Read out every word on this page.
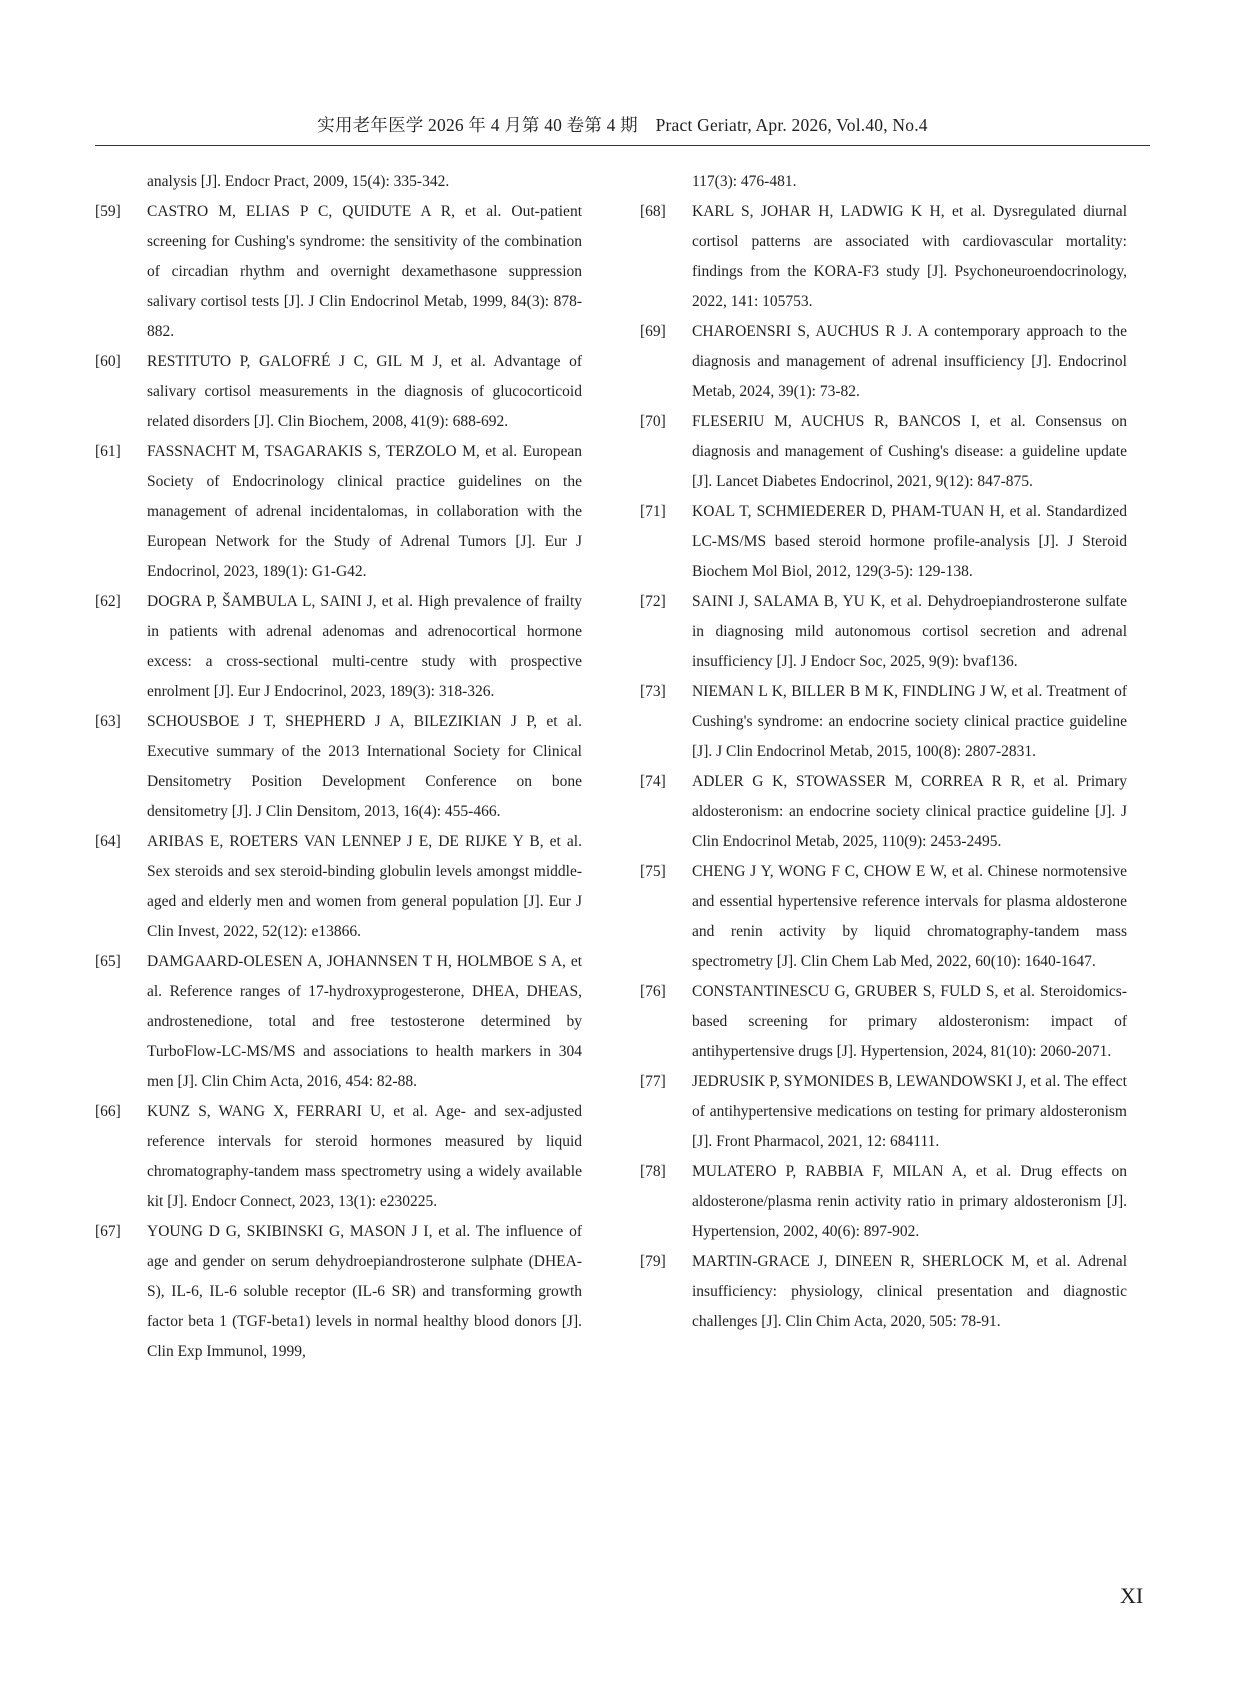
实用老年医学 2026 年 4 月第 40 卷第 4 期　Pract Geriatr, Apr. 2026, Vol.40, No.4
analysis [J]. Endocr Pract, 2009, 15(4): 335-342.
[59] CASTRO M, ELIAS P C, QUIDUTE A R, et al. Out-patient screening for Cushing's syndrome: the sensitivity of the combination of circadian rhythm and overnight dexamethasone suppression salivary cortisol tests [J]. J Clin Endocrinol Metab, 1999, 84(3): 878-882.
[60] RESTITUTO P, GALOFRÉ J C, GIL M J, et al. Advantage of salivary cortisol measurements in the diagnosis of glucocorticoid related disorders [J]. Clin Biochem, 2008, 41(9): 688-692.
[61] FASSNACHT M, TSAGARAKIS S, TERZOLO M, et al. European Society of Endocrinology clinical practice guidelines on the management of adrenal incidentalomas, in collaboration with the European Network for the Study of Adrenal Tumors [J]. Eur J Endocrinol, 2023, 189(1): G1-G42.
[62] DOGRA P, ŠAMBULA L, SAINI J, et al. High prevalence of frailty in patients with adrenal adenomas and adrenocortical hormone excess: a cross-sectional multi-centre study with prospective enrolment [J]. Eur J Endocrinol, 2023, 189(3): 318-326.
[63] SCHOUSBOE J T, SHEPHERD J A, BILEZIKIAN J P, et al. Executive summary of the 2013 International Society for Clinical Densitometry Position Development Conference on bone densitometry [J]. J Clin Densitom, 2013, 16(4): 455-466.
[64] ARIBAS E, ROETERS VAN LENNEP J E, DE RIJKE Y B, et al. Sex steroids and sex steroid-binding globulin levels amongst middle-aged and elderly men and women from general population [J]. Eur J Clin Invest, 2022, 52(12): e13866.
[65] DAMGAARD-OLESEN A, JOHANNSEN T H, HOLMBOE S A, et al. Reference ranges of 17-hydroxyprogesterone, DHEA, DHEAS, androstenedione, total and free testosterone determined by TurboFlow-LC-MS/MS and associations to health markers in 304 men [J]. Clin Chim Acta, 2016, 454: 82-88.
[66] KUNZ S, WANG X, FERRARI U, et al. Age- and sex-adjusted reference intervals for steroid hormones measured by liquid chromatography-tandem mass spectrometry using a widely available kit [J]. Endocr Connect, 2023, 13(1): e230225.
[67] YOUNG D G, SKIBINSKI G, MASON J I, et al. The influence of age and gender on serum dehydroepiandrosterone sulphate (DHEA-S), IL-6, IL-6 soluble receptor (IL-6 SR) and transforming growth factor beta 1 (TGF-beta1) levels in normal healthy blood donors [J]. Clin Exp Immunol, 1999,
117(3): 476-481.
[68] KARL S, JOHAR H, LADWIG K H, et al. Dysregulated diurnal cortisol patterns are associated with cardiovascular mortality: findings from the KORA-F3 study [J]. Psychoneuroendocrinology, 2022, 141: 105753.
[69] CHAROENSRI S, AUCHUS R J. A contemporary approach to the diagnosis and management of adrenal insufficiency [J]. Endocrinol Metab, 2024, 39(1): 73-82.
[70] FLESERIU M, AUCHUS R, BANCOS I, et al. Consensus on diagnosis and management of Cushing's disease: a guideline update [J]. Lancet Diabetes Endocrinol, 2021, 9(12): 847-875.
[71] KOAL T, SCHMIEDERER D, PHAM-TUAN H, et al. Standardized LC-MS/MS based steroid hormone profile-analysis [J]. J Steroid Biochem Mol Biol, 2012, 129(3-5): 129-138.
[72] SAINI J, SALAMA B, YU K, et al. Dehydroepiandrosterone sulfate in diagnosing mild autonomous cortisol secretion and adrenal insufficiency [J]. J Endocr Soc, 2025, 9(9): bvaf136.
[73] NIEMAN L K, BILLER B M K, FINDLING J W, et al. Treatment of Cushing's syndrome: an endocrine society clinical practice guideline [J]. J Clin Endocrinol Metab, 2015, 100(8): 2807-2831.
[74] ADLER G K, STOWASSER M, CORREA R R, et al. Primary aldosteronism: an endocrine society clinical practice guideline [J]. J Clin Endocrinol Metab, 2025, 110(9): 2453-2495.
[75] CHENG J Y, WONG F C, CHOW E W, et al. Chinese normotensive and essential hypertensive reference intervals for plasma aldosterone and renin activity by liquid chromatography-tandem mass spectrometry [J]. Clin Chem Lab Med, 2022, 60(10): 1640-1647.
[76] CONSTANTINESCU G, GRUBER S, FULD S, et al. Steroidomics-based screening for primary aldosteronism: impact of antihypertensive drugs [J]. Hypertension, 2024, 81(10): 2060-2071.
[77] JEDRUSIK P, SYMONIDES B, LEWANDOWSKI J, et al. The effect of antihypertensive medications on testing for primary aldosteronism [J]. Front Pharmacol, 2021, 12: 684111.
[78] MULATERO P, RABBIA F, MILAN A, et al. Drug effects on aldosterone/plasma renin activity ratio in primary aldosteronism [J]. Hypertension, 2002, 40(6): 897-902.
[79] MARTIN-GRACE J, DINEEN R, SHERLOCK M, et al. Adrenal insufficiency: physiology, clinical presentation and diagnostic challenges [J]. Clin Chim Acta, 2020, 505: 78-91.
XI
